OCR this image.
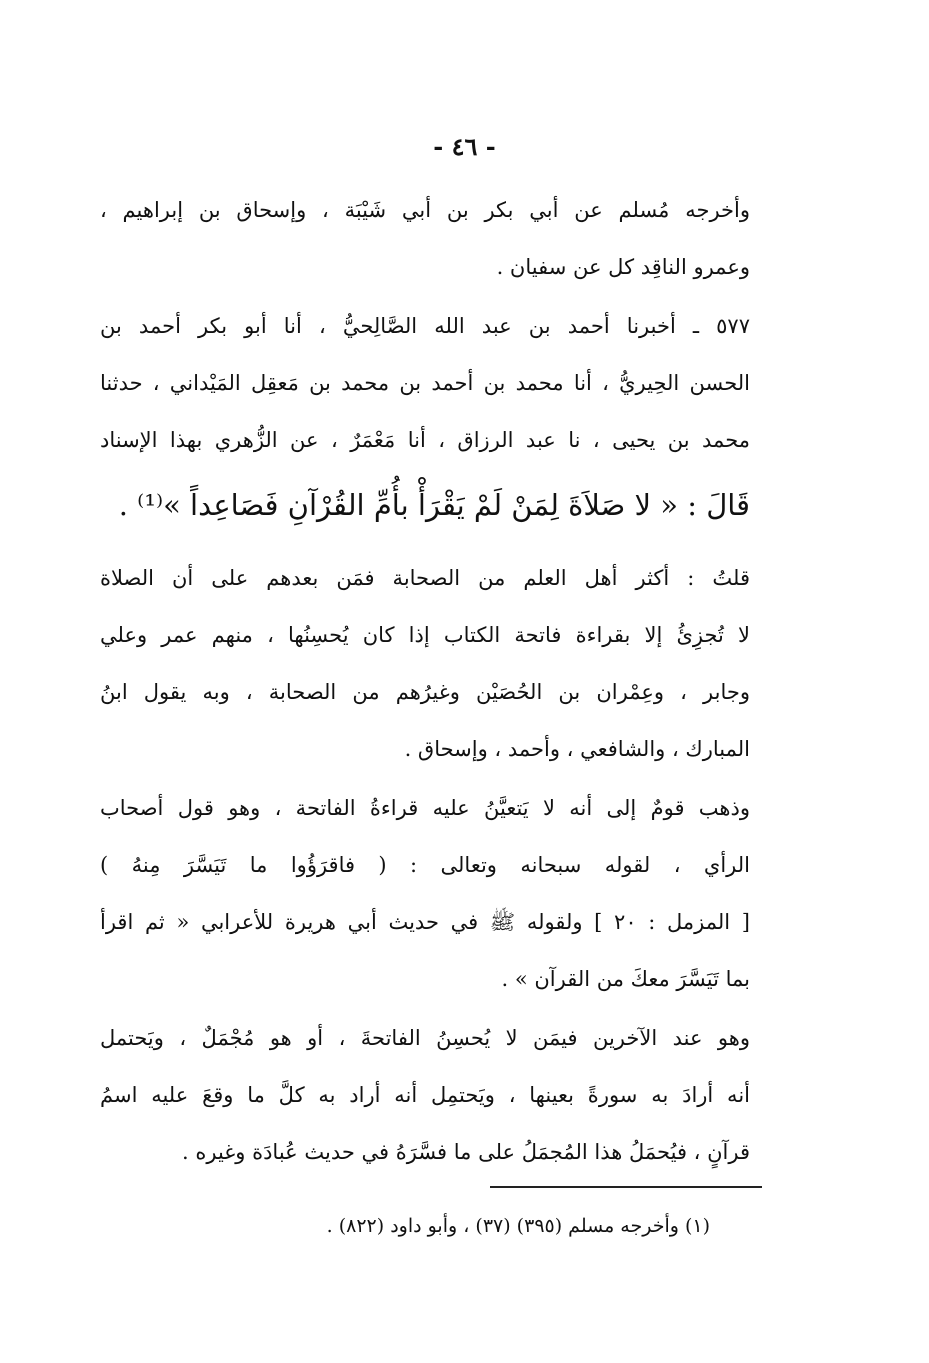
- ٤٦ -
وأخرجه مُسلم عن أبي بكر بن أبي شَيْبَة ، وإسحاق بن إبراهيم ،
وعمرو الناقِد كل عن سفيان .
٥٧٧ ـ أخبرنا أحمد بن عبد الله الصَّالِحيُّ ، أنا أبو بكر أحمد بن
الحسن الحِيريُّ ، أنا محمد بن أحمد بن محمد بن مَعقِل المَيْداني ، حدثنا
محمد بن يحيى ، نا عبد الرزاق ، أنا مَعْمَرٌ ، عن الزُّهري بهذا الإسناد
قَالَ : « لا صَلاَةَ لِمَنْ لَمْ يَقْرَأْ بأُمِّ القُرْآنِ فَصَاعِداً »⁽¹⁾ .
قلتُ : أكثر أهل العلم من الصحابة فمَن بعدهم على أن الصلاة
لا تُجزِئُ إلا بقراءة فاتحة الكتاب إذا كان يُحسِنُها ، منهم عمر وعلي
وجابر ، وعِمْران بن الحُصَيْن وغيرُهم من الصحابة ، وبه يقول ابنُ
المبارك ، والشافعي ، وأحمد ، وإسحاق .
وذهب قومٌ إلى أنه لا يَتعيَّنُ عليه قراءةُ الفاتحة ، وهو قول أصحاب
الرأي ، لقوله سبحانه وتعالى : ( فاقرَؤُوا ما تَيَسَّرَ مِنهُ )
[ المزمل : ٢٠ ] ولقوله ﷺ في حديث أبي هريرة للأعرابي « ثم اقرأ
بما تَيَسَّرَ معكَ من القرآن » .
وهو عند الآخرين فيمَن لا يُحسِنُ الفاتحةَ ، أو هو مُجْمَلٌ ، ويَحتمل
أنه أرادَ به سورةً بعينها ، ويَحتمِل أنه أراد به كلَّ ما وقعَ عليه اسمُ
قرآنٍ ، فيُحمَلُ هذا المُجمَلُ على ما فسَّرَهُ في حديث عُبادَة وغيره .
(١) وأخرجه مسلم (٣٩٥) (٣٧) ، وأبو داود (٨٢٢) .
